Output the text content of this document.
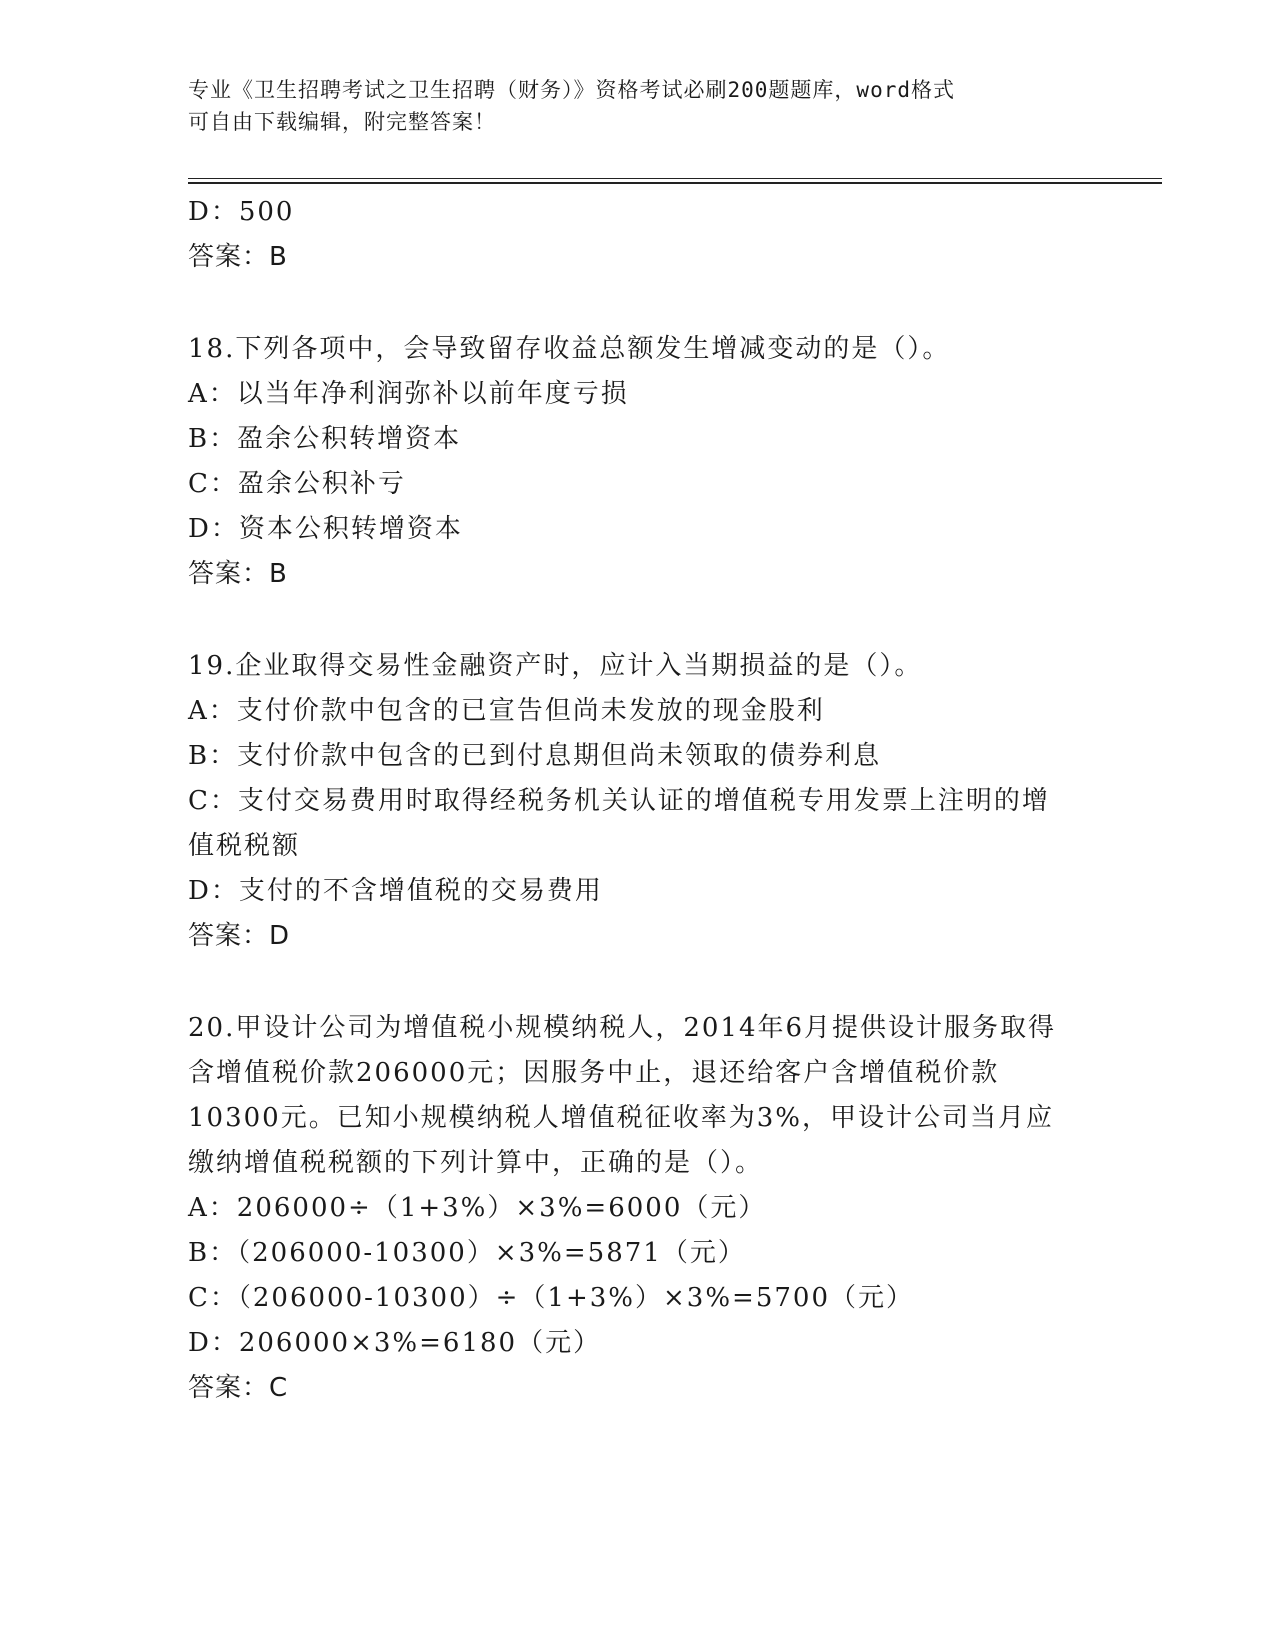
专业《卫生招聘考试之卫生招聘（财务）》资格考试必刷200题题库，word格式
可自由下载编辑，附完整答案！
D：500
答案：B
18.下列各项中，会导致留存收益总额发生增减变动的是（）。
A：以当年净利润弥补以前年度亏损
B：盈余公积转增资本
C：盈余公积补亏
D：资本公积转增资本
答案：B
19.企业取得交易性金融资产时，应计入当期损益的是（）。
A：支付价款中包含的已宣告但尚未发放的现金股利
B：支付价款中包含的已到付息期但尚未领取的债券利息
C：支付交易费用时取得经税务机关认证的增值税专用发票上注明的增
值税税额
D：支付的不含增值税的交易费用
答案：D
20.甲设计公司为增值税小规模纳税人，2014年6月提供设计服务取得
含增值税价款206000元；因服务中止，退还给客户含增值税价款
10300元。已知小规模纳税人增值税征收率为3%，甲设计公司当月应
缴纳增值税税额的下列计算中，正确的是（）。
A：206000÷（1+3%）×3%=6000（元）
B：（206000-10300）×3%=5871（元）
C：（206000-10300）÷（1+3%）×3%=5700（元）
D：206000×3%=6180（元）
答案：C
